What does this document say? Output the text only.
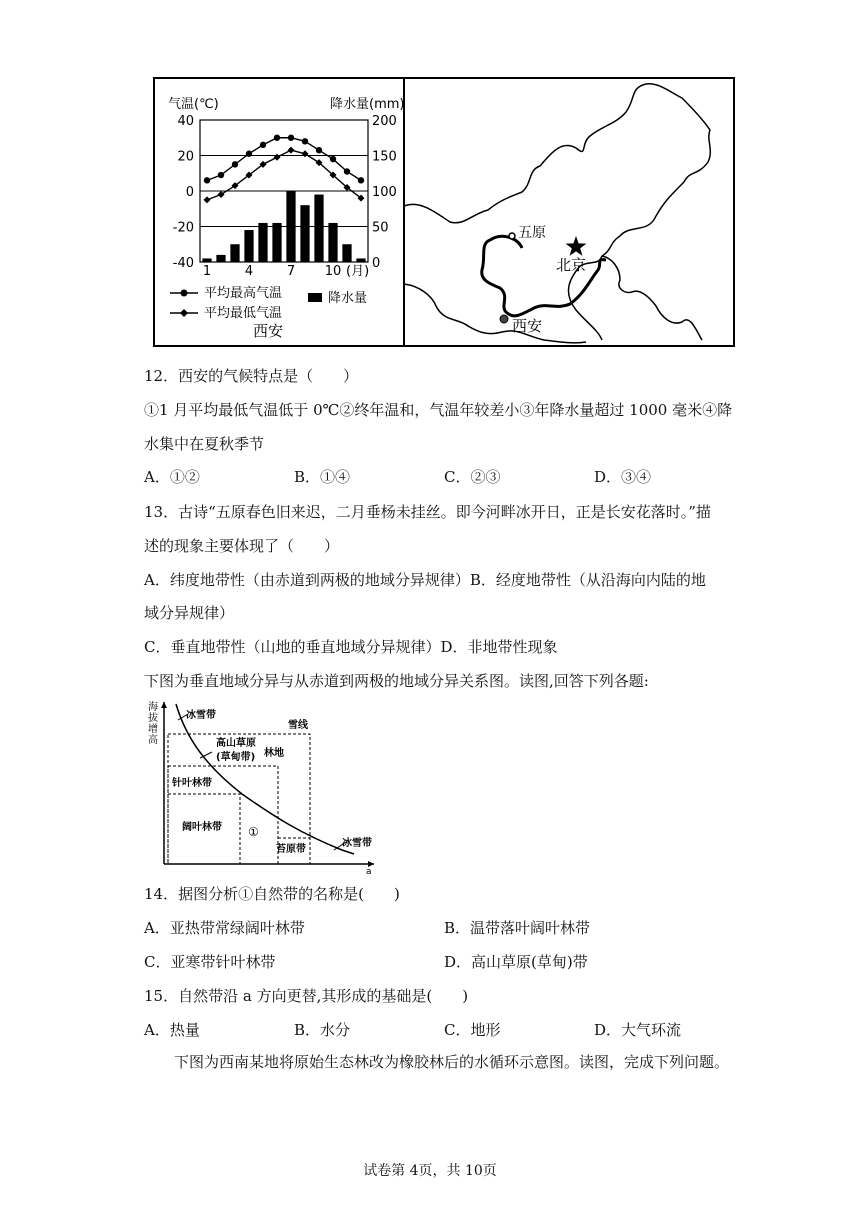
气温(℃)	降水量(mm)
40
20
0
-20
-40
200
150
100
50
0
1	4	7 10 (月)
平均最高气温
平均最低气温
降水量
西安
五原
北京
西安
12．西安的气候特点是（　　）
①1 月平均最低气温低于 0℃②终年温和，气温年较差小③年降水量超过 1000 毫米④降
水集中在夏秋季节
A．①②	B．①④	C．②③	D．③④
13．古诗“五原春色旧来迟，二月垂杨未挂丝。即今河畔冰开日，正是长安花落时。”描
述的现象主要体现了（　　）
A．纬度地带性（由赤道到两极的地域分异规律）B．经度地带性（从沿海向内陆的地
域分异规律）
C．垂直地带性（山地的垂直地域分异规律）D．非地带性现象
下图为垂直地域分异与从赤道到两极的地域分异关系图。读图,回答下列各题:
海拔增高
a
冰雪带
雪线
高山草原
(草甸带) 林地
针叶林带
阔叶林带 ①
苔原带
冰雪带
14．据图分析①自然带的名称是(　　)
A．亚热带常绿阔叶林带	B．温带落叶阔叶林带
C．亚寒带针叶林带	D．高山草原(草甸)带
15．自然带沿 a 方向更替,其形成的基础是(　　)
A．热量	B．水分	C．地形	D．大气环流
下图为西南某地将原始生态林改为橡胶林后的水循环示意图。读图，完成下列问题。
试卷第 4页，共 10页
